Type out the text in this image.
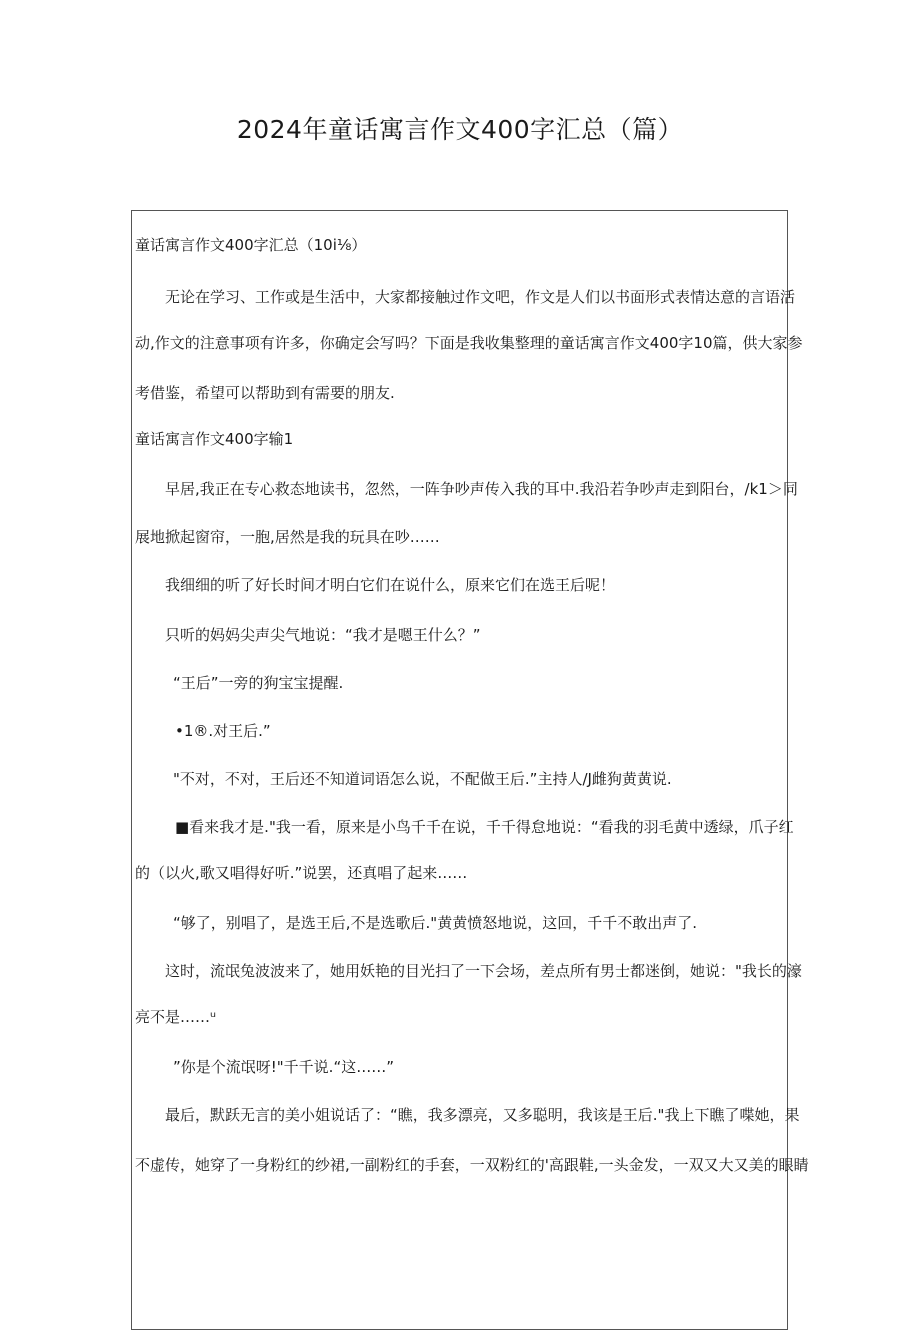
2024年童话寓言作文400字汇总（篇）
童话寓言作文400字汇总（10i⅛）
无论在学习、工作或是生活中，大家都接触过作文吧，作文是人们以书面形式表情达意的言语活
动,作文的注意事项有许多，你确定会写吗？下面是我收集整理的童话寓言作文400字10篇，供大家参
考借鉴，希望可以帮助到有需要的朋友.
童话寓言作文400字输1
早居,我正在专心救态地读书，忽然，一阵争吵声传入我的耳中.我沿若争吵声走到阳台，/k1＞同
展地掀起窗帘，一胞,居然是我的玩具在吵……
我细细的听了好长时间才明白它们在说什么，原来它们在选王后呢！
只听的妈妈尖声尖气地说：“我才是嗯王什么？”
“王后”一旁的狗宝宝提醒.
•1®.对王后.”
"不对，不对，王后还不知道词语怎么说，不配做王后.”主持人/J雌狗黄黄说.
■看来我才是."我一看，原来是小鸟千千在说，千千得怠地说：“看我的羽毛黄中透绿，爪子红
的（以火,歌又唱得好听.”说罢，还真唱了起来……
“够了，别唱了，是选王后,不是选歌后."黄黄愤怒地说，这回，千千不敢出声了.
这时，流氓兔波波来了，她用妖艳的目光扫了一下会场，差点所有男士都迷倒，她说："我长的濠
亮不是……ᵘ
”你是个流氓呀!"千千说.“这……”
最后，默跃无言的美小姐说话了：“瞧，我多漂亮，又多聪明，我该是王后."我上下瞧了喋她，果
不虚传，她穿了一身粉红的纱裙,一副粉红的手套，一双粉红的'高跟鞋,一头金发，一双又大又美的眼睛
